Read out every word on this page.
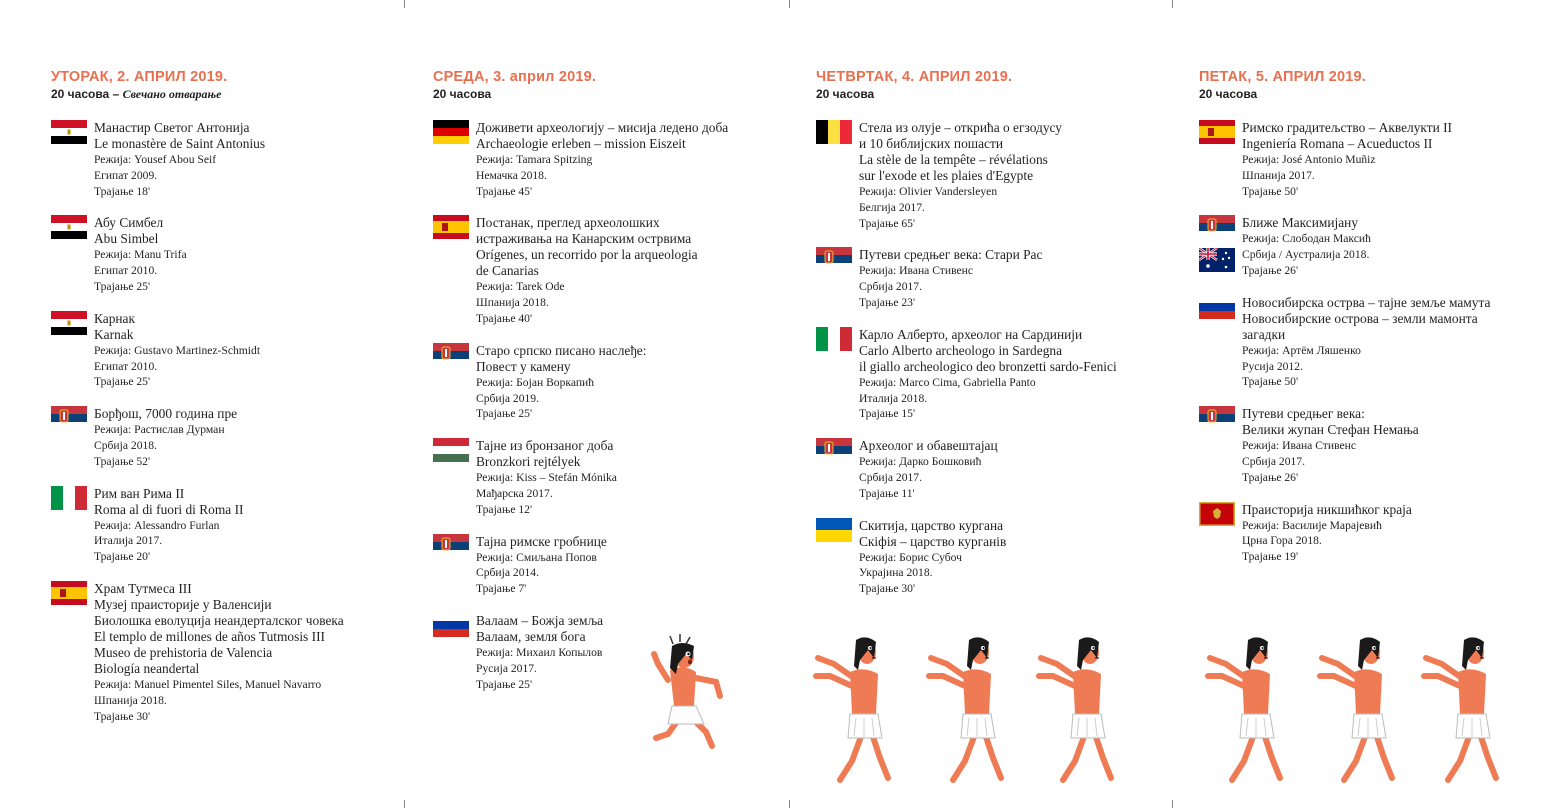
УТОРАК, 2. АПРИЛ 2019.
20 часова – Свечано отварање
Манастир Светог Антонија
Le monastère de Saint Antonius
Режија: Yousef Abou Seif
Египат 2009.
Трајање 18'
Абу Симбел
Abu Simbel
Режија: Manu Trifa
Египат 2010.
Трајање 25'
Карнак
Karnak
Режија: Gustavo Martinez-Schmidt
Египат 2010.
Трајање 25'
Борђош, 7000 година пре
Режија: Растислав Дурман
Србија 2018.
Трајање 52'
Рим ван Рима II
Roma al di fuori di Roma II
Режија: Alessandro Furlan
Италија 2017.
Трајање 20'
Храм Тутмеса III
Музеј праисторије у Валенсији
Биолошка еволуција неандерталског човека
El templo de millones de años Tutmosis III
Museo de prehistoria de Valencia
Biología neandertal
Режија: Manuel Pimentel Siles, Manuel Navarro
Шпанија 2018.
Трајање 30'
СРЕДА, 3. април 2019.
20 часова
Доживети археологију – мисија ледено доба
Archaeologie erleben – mission Eiszeit
Режија: Tamara Spitzing
Немачка 2018.
Трајање 45'
Постанак, преглед археолошких
истраживања на Канарским острвима
Orígenes, un recorrido por la arqueologia
de Canarias
Режија: Tarek Ode
Шпанија 2018.
Трајање 40'
Старо српско писано наслеђе:
Повест у камену
Режија: Бојан Воркапић
Србија 2019.
Трајање 25'
Тајне из бронзаног доба
Bronzkori rejtélyek
Режија: Kiss – Stefán Mónika
Мађарска 2017.
Трајање 12'
Тајна римске гробнице
Режија: Смиљана Попов
Србија 2014.
Трајање 7'
Валаам – Божја земља
Валаам, земля бога
Режија: Михаил Копылов
Русија 2017.
Трајање 25'
ЧЕТВРТАК, 4. АПРИЛ 2019.
20 часова
Стела из олује – открића о егзодусу
и 10 библијских пошасти
La stèle de la tempête – révélations
sur l'exode et les plaies d'Egypte
Режија: Olivier Vandersleyen
Белгија 2017.
Трајање 65'
Путеви средњег века: Стари Рас
Режија: Ивана Стивенс
Србија 2017.
Трајање 23'
Карло Алберто, археолог на Сардинији
Carlo Alberto archeologo in Sardegna
il giallo archeologico deo bronzetti sardo-Fenici
Режија: Marco Cima, Gabriella Panto
Италија 2018.
Трајање 15'
Археолог и обавештајац
Режија: Дарко Бошковић
Србија 2017.
Трајање 11'
Скитија, царство кургана
Скіфія – царство курганів
Режија: Борис Субоч
Украјина 2018.
Трајање 30'
ПЕТАК, 5. АПРИЛ 2019.
20 часова
Римско градитељство – Аквелукти II
Ingeniería Romana – Acueductos II
Режија: José Antonio Muñiz
Шпанија 2017.
Трајање 50'
Ближе Максимијану
Режија: Слободан Максић
Србија / Аустралија 2018.
Трајање 26'
Новосибирска острва – тајне земље мамута
Новосибирские острова – земли мамонта
загадки
Режија: Артём Ляшенко
Русија 2012.
Трајање 50'
Путеви средњег века:
Велики жупан Стефан Немања
Режија: Ивана Стивенс
Србија 2017.
Трајање 26'
Праисторија никшићког краја
Режија: Василије Марајевић
Црна Гора 2018.
Трајање 19'
